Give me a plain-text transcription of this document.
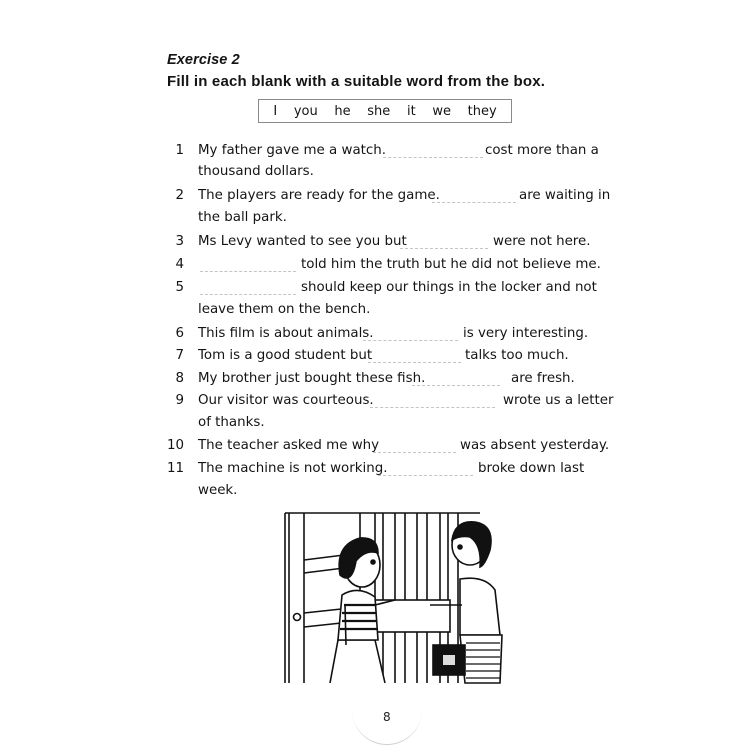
Exercise 2
Fill in each blank with a suitable word from the box.
I you he she it we they
1 My father gave me a watch.	cost more than a
thousand dollars.
2 The players are ready for the game.	are waiting in
the ball park.
3 Ms Levy wanted to see you but	were not here.
4	told him the truth but he did not believe me.
5	should keep our things in the locker and not
leave them on the bench.
6 This film is about animals.	is very interesting.
7 Tom is a good student but	talks too much.
8 My brother just bought these fish.	are fresh.
9 Our visitor was courteous.	wrote us a letter
of thanks.
10 The teacher asked me why	was absent yesterday.
11 The machine is not working.	broke down last
week.
8
